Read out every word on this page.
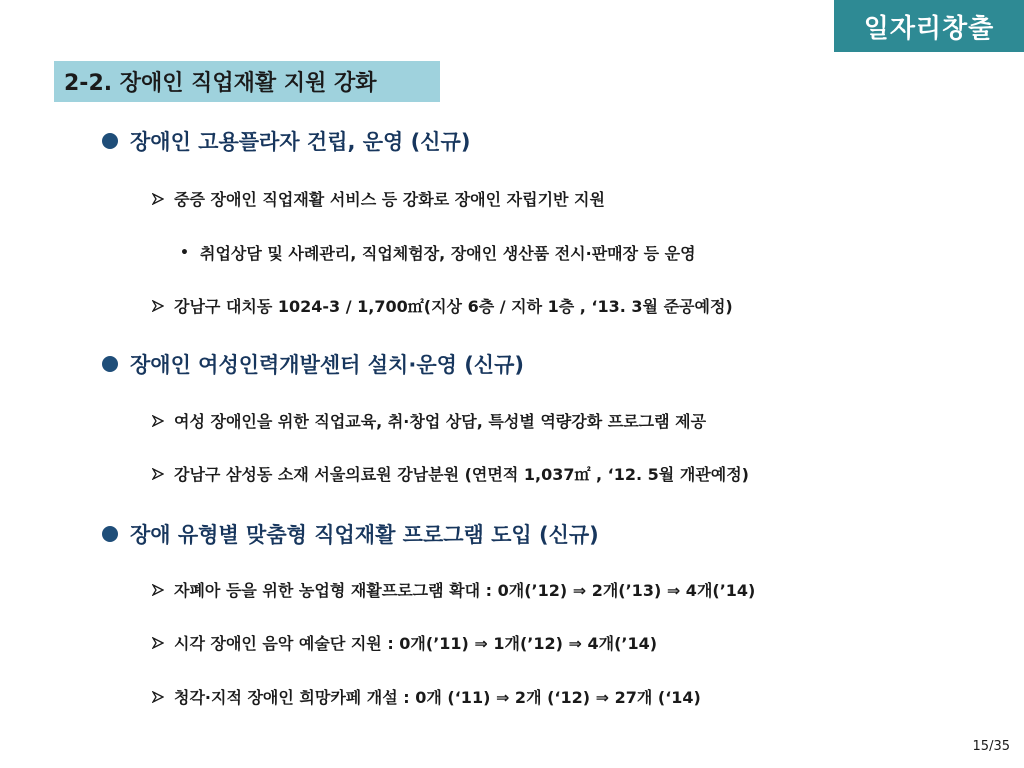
일자리창출
2-2. 장애인 직업재활 지원 강화
장애인 고용플라자 건립, 운영 (신규)
중증 장애인 직업재활 서비스 등 강화로 장애인 자립기반 지원
• 취업상담 및 사례관리, 직업체험장, 장애인 생산품 전시·판매장 등 운영
강남구 대치동 1024-3 / 1,700㎡(지상 6층 / 지하 1층 , ‘13. 3월 준공예정)
장애인 여성인력개발센터 설치·운영 (신규)
여성 장애인을 위한 직업교육, 취·창업 상담, 특성별 역량강화 프로그램 제공
강남구 삼성동 소재 서울의료원 강남분원 (연면적 1,037㎡ , ‘12. 5월 개관예정)
장애 유형별 맞춤형 직업재활 프로그램 도입 (신규)
자폐아 등을 위한 농업형 재활프로그램 확대 : 0개(’12) ⇒ 2개(’13) ⇒ 4개(’14)
시각 장애인 음악 예술단 지원 : 0개(’11) ⇒ 1개(’12) ⇒ 4개(’14)
청각·지적 장애인 희망카페 개설 : 0개 (‘11) ⇒ 2개 (‘12) ⇒ 27개 (‘14)
15/35
